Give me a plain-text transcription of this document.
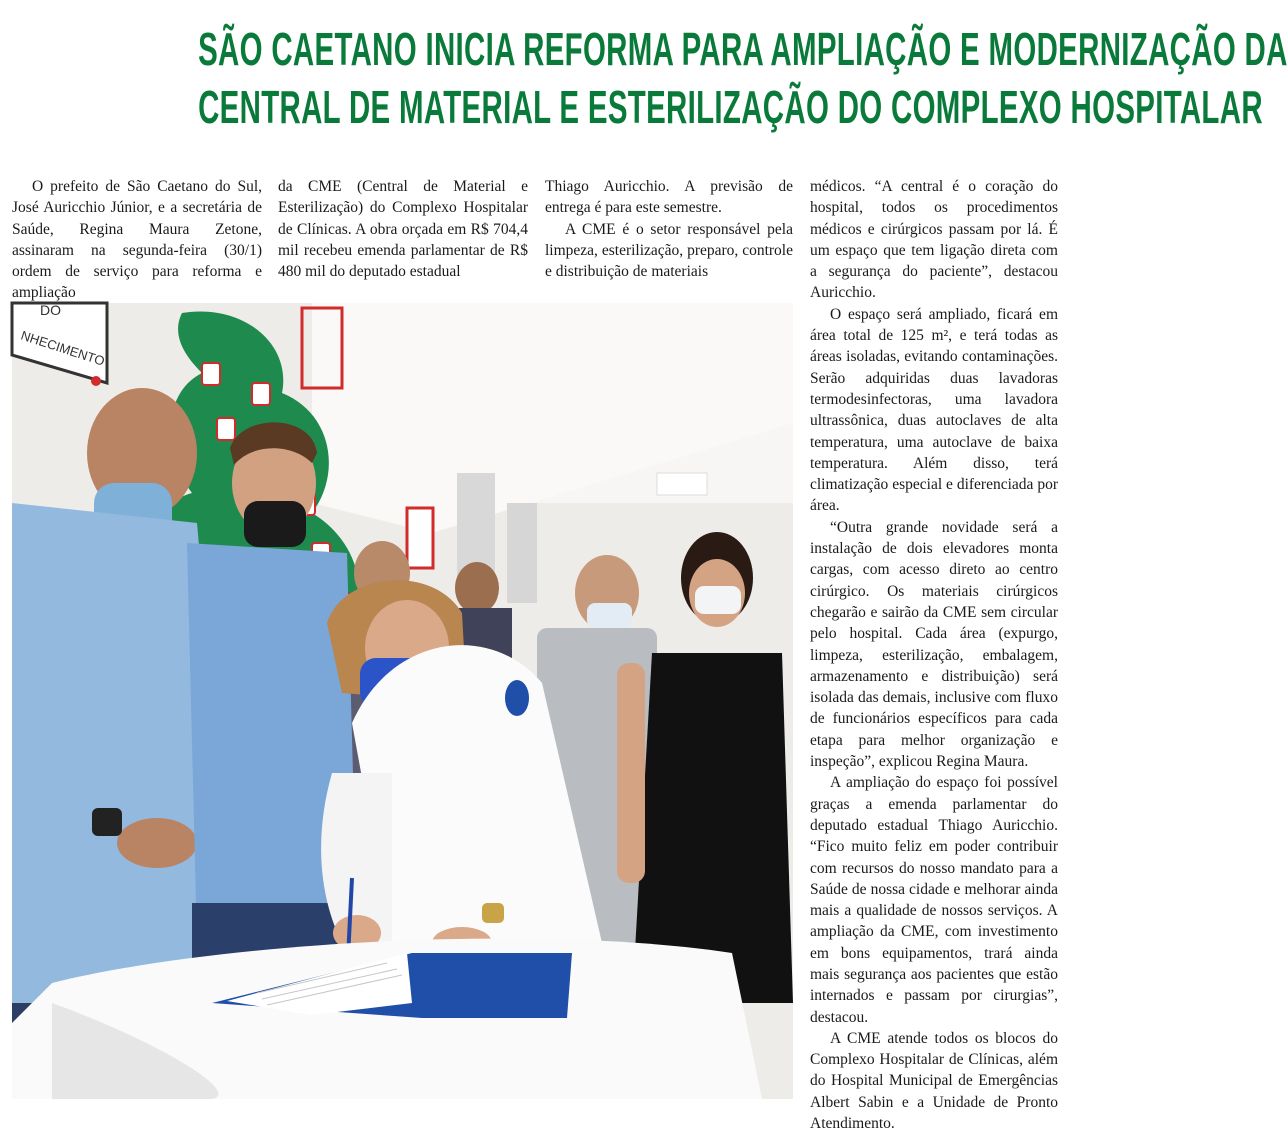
SÃO CAETANO INICIA REFORMA PARA AMPLIAÇÃO E MODERNIZAÇÃO DA
CENTRAL DE MATERIAL E ESTERILIZAÇÃO DO COMPLEXO HOSPITALAR

O prefeito de São Caetano do Sul, José Auricchio Júnior, e a secretária de Saúde, Regina Maura Zetone, assinaram na segunda-feira (30/1) ordem de serviço para reforma e ampliação

da CME (Central de Material e Esterilização) do Complexo Hospitalar de Clínicas. A obra orçada em R$ 704,4 mil recebeu emenda parlamentar de R$ 480 mil do deputado estadual

Thiago Auricchio. A previsão de entrega é para este semestre.

A CME é o setor responsável pela limpeza, esterilização, preparo, controle e distribuição de materiais

médicos. “A central é o coração do hospital, todos os procedimentos médicos e cirúrgicos passam por lá. É um espaço que tem ligação direta com a segurança do paciente”, destacou Auricchio.

O espaço será ampliado, ficará em área total de 125 m², e terá todas as áreas isoladas, evitando contaminações. Serão adquiridas duas lavadoras termodesinfectoras, uma lavadora ultrassônica, duas autoclaves de alta temperatura, uma autoclave de baixa temperatura. Além disso, terá climatização especial e diferenciada por área.

“Outra grande novidade será a instalação de dois elevadores monta cargas, com acesso direto ao centro cirúrgico. Os materiais cirúrgicos chegarão e sairão da CME sem circular pelo hospital. Cada área (expurgo, limpeza, esterilização, embalagem, armazenamento e distribuição) será isolada das demais, inclusive com fluxo de funcionários específicos para cada etapa para melhor organização e inspeção”, explicou Regina Maura.

A ampliação do espaço foi possível graças a emenda parlamentar do deputado estadual Thiago Auricchio. “Fico muito feliz em poder contribuir com recursos do nosso mandato para a Saúde de nossa cidade e melhorar ainda mais a qualidade de nossos serviços. A ampliação da CME, com investimento em bons equipamentos, trará ainda mais segurança aos pacientes que estão internados e passam por cirurgias”, destacou.

A CME atende todos os blocos do Complexo Hospitalar de Clínicas, além do Hospital Municipal de Emergências Albert Sabin e a Unidade de Pronto Atendimento.

DO
NHECIMENTO
